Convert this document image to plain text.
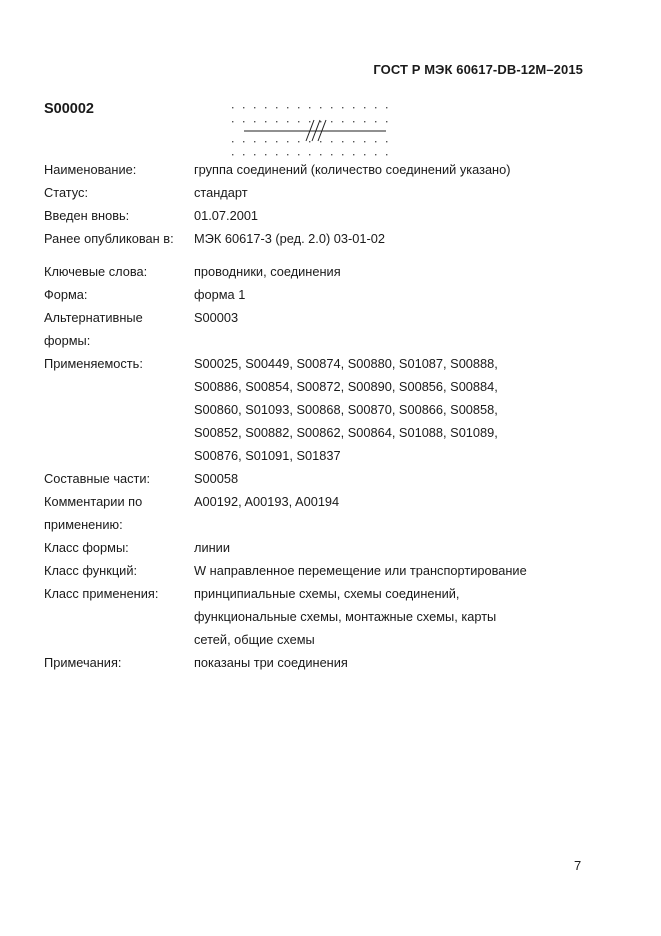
ГОСТ Р МЭК 60617-DB-12M–2015
S00002
Наименование:	группа соединений (количество соединений указано)
Статус:	стандарт
Введен вновь:	01.07.2001
Ранее опубликован в:	МЭК 60617-3 (ред. 2.0) 03-01-02
Ключевые слова:	проводники, соединения
Форма:	форма 1
Альтернативные
формы:
S00003
Применяемость:	S00025, S00449, S00874, S00880, S01087, S00888,
S00886, S00854, S00872, S00890, S00856, S00884,
S00860, S01093, S00868, S00870, S00866, S00858,
S00852, S00882, S00862, S00864, S01088, S01089,
S00876, S01091, S01837
Составные части:	S00058
Комментарии по
применению:
A00192, A00193, A00194
Класс формы:	линии
Класс функций:	W направленное перемещение или транспортирование
Класс применения:	принципиальные схемы, схемы соединений,
функциональные схемы, монтажные схемы, карты
сетей, общие схемы
Примечания:	показаны три соединения
7
